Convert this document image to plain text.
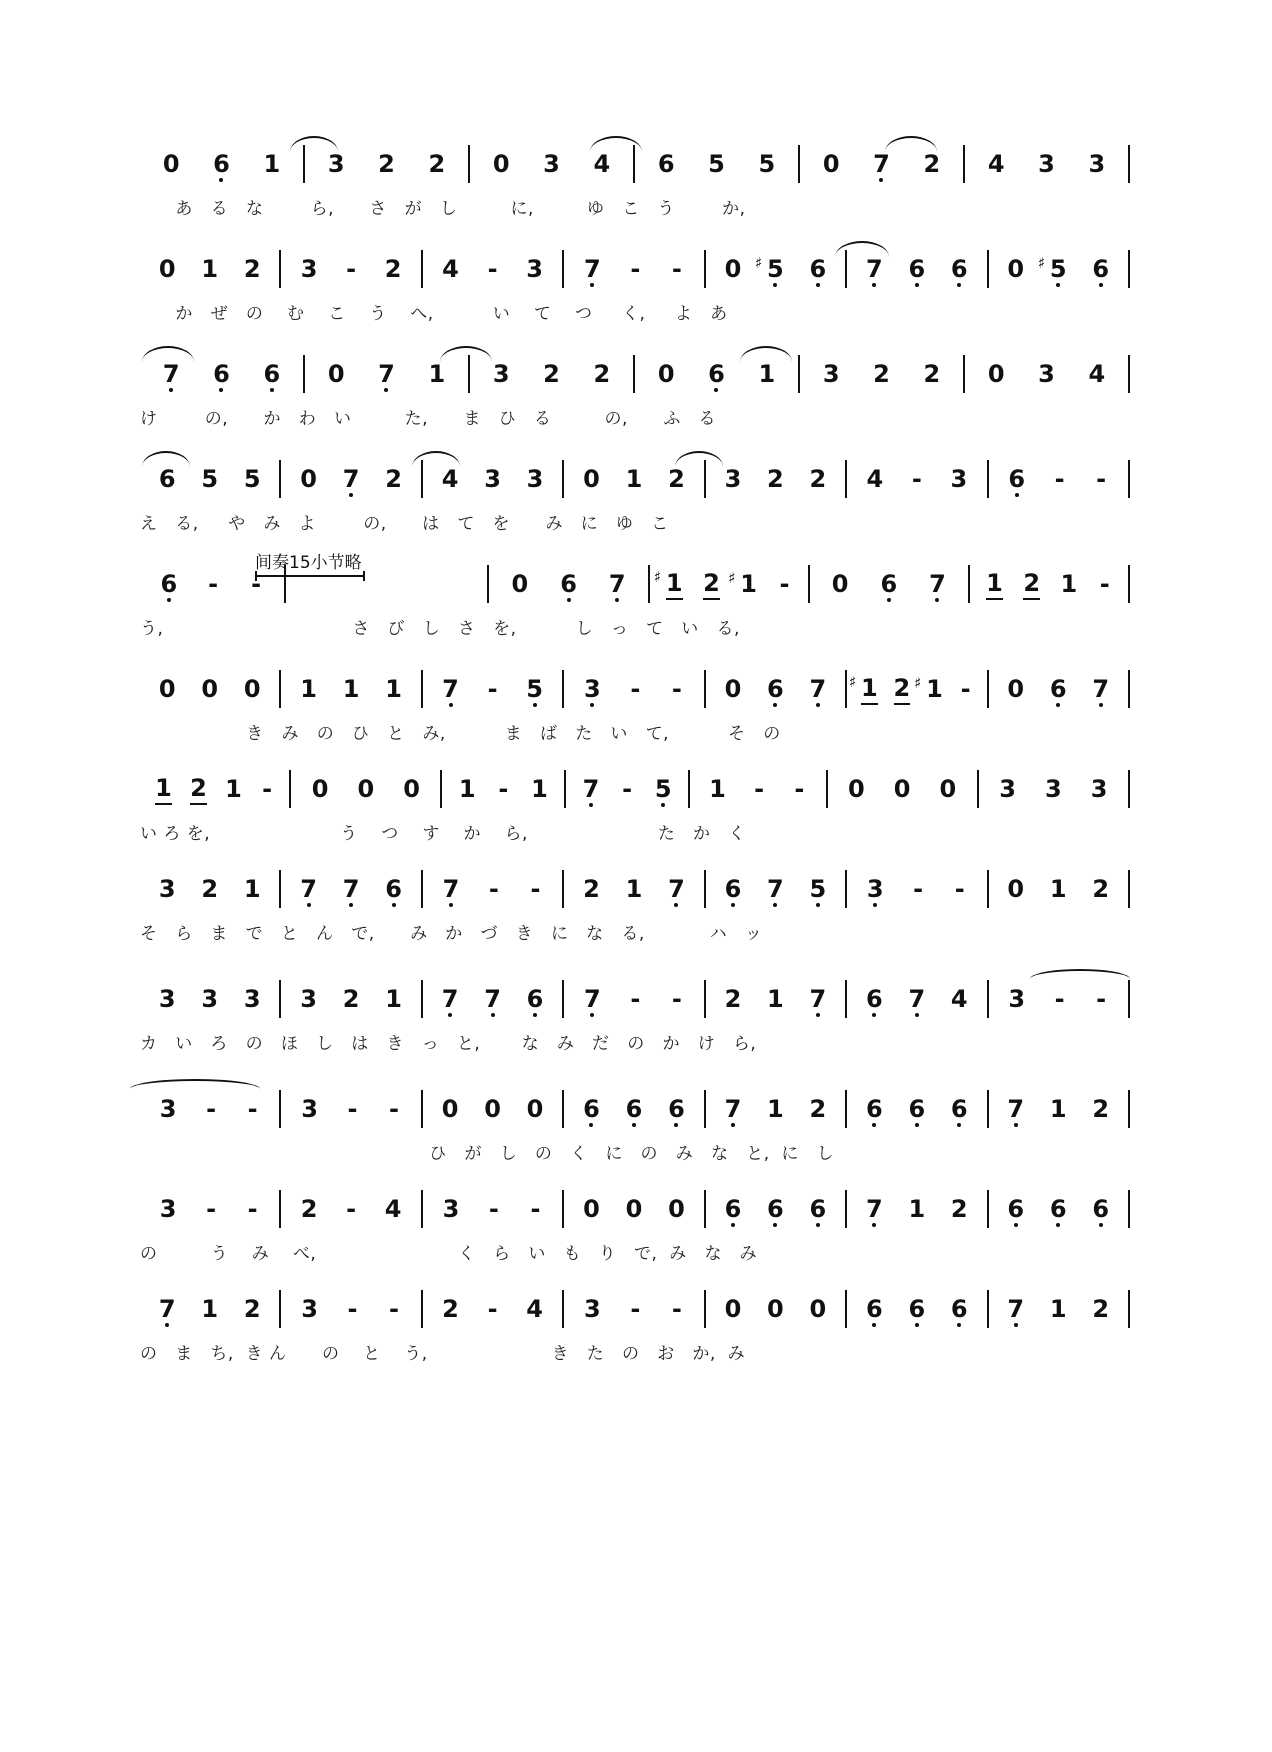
0 6 1 3 2 2 0 3 4 6 5 5 0 7 2 4 3 3
あ   る   な        ら,      さ   が   し         に,         ゆ   こ   う        か,
0 1 2 3 - 2 4 - 3 7 - - 0 ♯ 5 6 7 6 6 0 ♯ 5 6
か   ぜ   の    む    こ    う    へ,          い    て    つ     く,     よ   あ
7 6 6 0 7 1 3 2 2 0 6 1 3 2 2 0 3 4
け        の,      か   わ   い         た,      ま   ひ   る         の,      ふ   る
6 5 5 0 7 2 4 3 3 0 1 2 3 2 2 4 - 3 6 - -
え   る,     や   み   よ        の,      は   て   を      み   に   ゆ   こ
6 - -	0 6 7 ♯ 1 2 ♯ 1 - 0 6 7 1 2 1 -
间奏15小节略
う,                                さ   び   し   さ   を,          し   っ   て   い   る,
0 0 0 1 1 1 7 - 5 3 - - 0 6 7 ♯ 1 2 ♯ 1 - 0 6 7
き   み   の   ひ   と   み,          ま   ば   た   い   て,          そ   の
1 2 1 - 0 0 0 1 - 1 7 - 5 1 - - 0 0 0 3 3 3
い ろ を,                      う    つ    す    か    ら,                      た   か   く
3 2 1 7 7 6 7 - - 2 1 7 6 7 5 3 - - 0 1 2
そ   ら   ま   で   と   ん   で,      み   か   づ   き   に   な   る,           ハ   ッ
3 3 3 3 2 1 7 7 6 7 - - 2 1 7 6 7 4 3 - -
カ   い   ろ   の   ほ   し   は   き   っ   と,       な   み   だ   の   か   け   ら,
3 - - 3 - - 0 0 0 6 6 6 7 1 2 6 6 6 7 1 2
ひ   が   し   の   く   に   の   み   な   と,  に   し
3 - - 2 - 4 3 - - 0 0 0 6 6 6 7 1 2 6 6 6
の         う    み    べ,                        く   ら   い   も   り   で,  み   な   み
7 1 2 3 - - 2 - 4 3 - - 0 0 0 6 6 6 7 1 2
の   ま   ち,  き ん      の    と    う,                     き   た   の   お   か,  み
